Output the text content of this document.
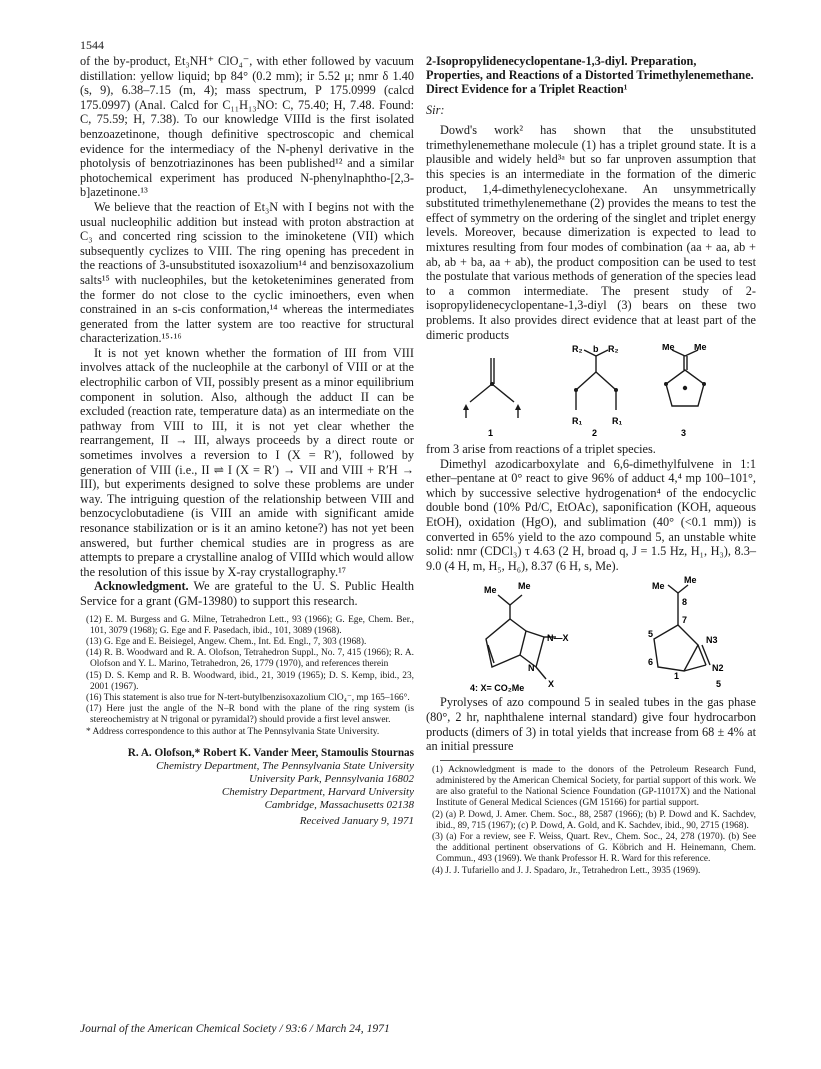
1544

of the by-product, Et₃NH⁺ ClO₄⁻, with ether followed by vacuum distillation: yellow liquid; bp 84° (0.2 mm); ir 5.52 μ; nmr δ 1.40 (s, 9), 6.38–7.15 (m, 4); mass spectrum, P 175.0999 (calcd 175.0997) (Anal. Calcd for C₁₁H₁₃NO: C, 75.40; H, 7.48. Found: C, 75.59; H, 7.38). To our knowledge VIIId is the first isolated benzoazetinone, though definitive spectroscopic and chemical evidence for the intermediacy of the N-phenyl derivative in the photolysis of benzotriazinones has been published¹² and a similar photochemical experiment has produced N-phenylnaphtho-[2,3-b]azetinone.¹³

We believe that the reaction of Et₃N with I begins not with the usual nucleophilic addition but instead with proton abstraction at C₃ and concerted ring scission to the iminoketene (VII) which subsequently cyclizes to VIII. The ring opening has precedent in the reactions of 3-unsubstituted isoxazolium¹⁴ and benzisoxazolium salts¹⁵ with nucleophiles, but the ketoketenimines generated from the former do not close to the cyclic iminoethers, even when constrained in an s-cis conformation,¹⁴ whereas the intermediates generated from the latter system are too reactive for structural characterization.¹⁵·¹⁶

It is not yet known whether the formation of III from VIII involves attack of the nucleophile at the carbonyl of VIII or at the electrophilic carbon of VII, possibly present as a minor equilibrium component in solution. Also, although the adduct II can be excluded (reaction rate, temperature data) as an intermediate on the pathway from VIII to III, it is not yet clear whether the rearrangement, II → III, always proceeds by a direct route or sometimes involves a reversion to I (X = R′), followed by generation of VIII (i.e., II ⇌ I (X = R′) → VII and VIII + R′H → III), but experiments designed to solve these problems are under way. The intriguing question of the relationship between VIII and benzocyclobutadiene (is VIII an amide with significant amide resonance stabilization or is it an amino ketone?) has not yet been answered, but further chemical studies are in progress as are attempts to prepare a crystalline analog of VIIId which would allow the resolution of this issue by X-ray crystallography.¹⁷

Acknowledgment. We are grateful to the U. S. Public Health Service for a grant (GM-13980) to support this research.

(12) E. M. Burgess and G. Milne, Tetrahedron Lett., 93 (1966); G. Ege, Chem. Ber., 101, 3079 (1968); G. Ege and F. Pasedach, ibid., 101, 3089 (1968).

(13) G. Ege and E. Beisiegel, Angew. Chem., Int. Ed. Engl., 7, 303 (1968).

(14) R. B. Woodward and R. A. Olofson, Tetrahedron Suppl., No. 7, 415 (1966); R. A. Olofson and Y. L. Marino, Tetrahedron, 26, 1779 (1970), and references therein

(15) D. S. Kemp and R. B. Woodward, ibid., 21, 3019 (1965); D. S. Kemp, ibid., 23, 2001 (1967).

(16) This statement is also true for N-tert-butylbenzisoxazolium ClO₄⁻, mp 165–166°.

(17) Here just the angle of the N–R bond with the plane of the ring system (is stereochemistry at N trigonal or pyramidal?) should provide a first level answer.

* Address correspondence to this author at The Pennsylvania State University.

R. A. Olofson,* Robert K. Vander Meer, Stamoulis Stournas
Chemistry Department, The Pennsylvania State University
University Park, Pennsylvania 16802
Chemistry Department, Harvard University
Cambridge, Massachusetts 02138
Received January 9, 1971
2-Isopropylidenecyclopentane-1,3-diyl. Preparation, Properties, and Reactions of a Distorted Trimethylenemethane. Direct Evidence for a Triplet Reaction¹

Sir:

Dowd's work² has shown that the unsubstituted trimethylenemethane molecule (1) has a triplet ground state. It is a plausible and widely held³ᵃ but so far unproven assumption that this species is an intermediate in the formation of the dimeric product, 1,4-dimethylenecyclohexane. An unsymmetrically substituted trimethylenemethane (2) provides the means to test the effect of symmetry on the ordering of the singlet and triplet energy levels. Moreover, because dimerization is expected to lead to mixtures resulting from four modes of combination (aa + aa, ab + ab, ab + ba, aa + ab), the product composition can be used to test the postulate that various methods of generation of the species lead to a common intermediate. The present study of 2-isopropylidenecyclopentane-1,3-diyl (3) bears on these two problems. It also provides direct evidence that at least part of the dimeric products

1	2	3
R₂ b R₂
R₁	R₁
Me Me

from 3 arise from reactions of a triplet species.

Dimethyl azodicarboxylate and 6,6-dimethylfulvene in 1:1 ether–pentane at 0° react to give 96% of adduct 4,⁴ mp 100–101°, which by successive selective hydrogenation⁴ of the endocyclic double bond (10% Pd/C, EtOAc), saponification (KOH, aqueous EtOH), oxidation (HgO), and sublimation (40° (<0.1 mm)) is converted in 65% yield to the azo compound 5, an unstable white solid: nmr (CDCl₃) τ 4.63 (2 H, broad q, J = 1.5 Hz, H₁, H₃), 8.3–9.0 (4 H, m, H₅, H₆), 8.37 (6 H, s, Me).

Me Me
N—X
N
X
4: X= CO₂Me
Me
Me
8
7
5
6
1
N3
N2
5

Pyrolyses of azo compound 5 in sealed tubes in the gas phase (80°, 2 hr, naphthalene internal standard) give four hydrocarbon products (dimers of 3) in total yields that increase from 68 ± 4% at an initial pressure

(1) Acknowledgment is made to the donors of the Petroleum Research Fund, administered by the American Chemical Society, for partial support of this work. We are also grateful to the National Science Foundation (GP-11017X) and the National Institute of General Medical Sciences (GM 15166) for partial support.

(2) (a) P. Dowd, J. Amer. Chem. Soc., 88, 2587 (1966); (b) P. Dowd and K. Sachdev, ibid., 89, 715 (1967); (c) P. Dowd, A. Gold, and K. Sachdev, ibid., 90, 2715 (1968).

(3) (a) For a review, see F. Weiss, Quart. Rev., Chem. Soc., 24, 278 (1970). (b) See the additional pertinent observations of G. Köbrich and H. Heinemann, Chem. Commun., 493 (1969). We thank Professor H. R. Ward for this reference.

(4) J. J. Tufariello and J. J. Spadaro, Jr., Tetrahedron Lett., 3935 (1969).

Journal of the American Chemical Society / 93:6 / March 24, 1971
